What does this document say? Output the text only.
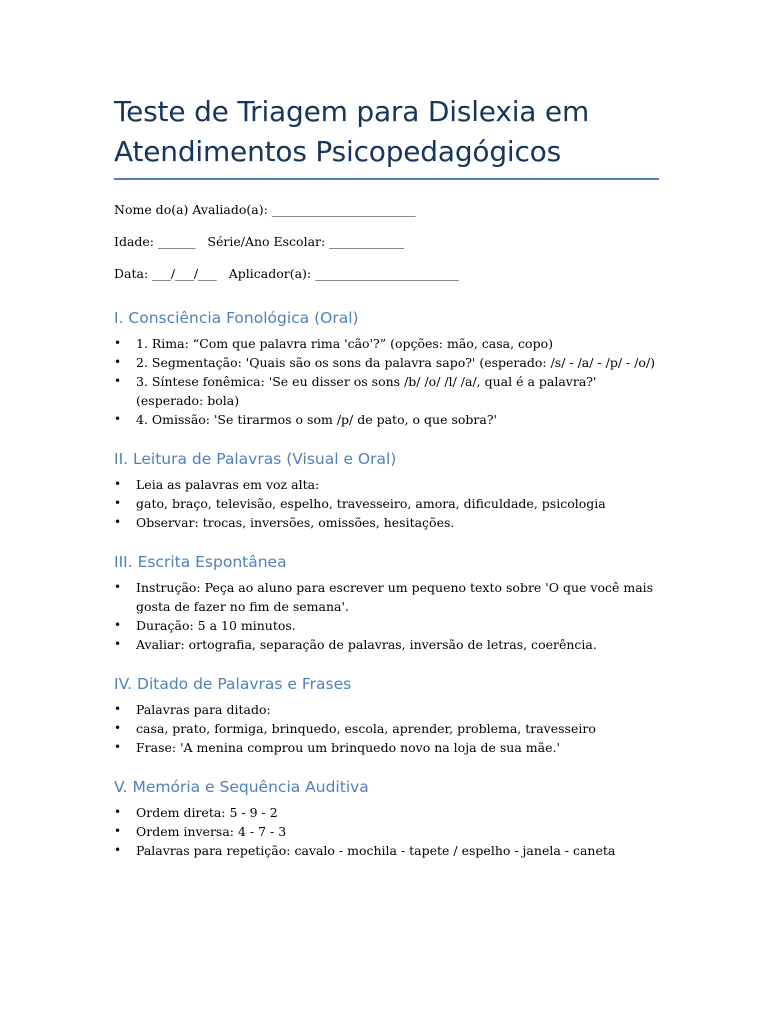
Teste de Triagem para Dislexia em
Atendimentos Psicopedagógicos

Nome do(a) Avaliado(a): _______________________

Idade: ______   Série/Ano Escolar: ____________

Data: ___/___/___   Aplicador(a): _______________________

I. Consciência Fonológica (Oral)
• 1. Rima: “Com que palavra rima 'cão'?” (opções: mão, casa, copo)
• 2. Segmentação: 'Quais são os sons da palavra sapo?' (esperado: /s/ - /a/ - /p/ - /o/)
• 3. Síntese fonêmica: 'Se eu disser os sons /b/ /o/ /l/ /a/, qual é a palavra?' (esperado: bola)
• 4. Omissão: 'Se tirarmos o som /p/ de pato, o que sobra?'
II. Leitura de Palavras (Visual e Oral)
• Leia as palavras em voz alta:
• gato, braço, televisão, espelho, travesseiro, amora, dificuldade, psicologia
• Observar: trocas, inversões, omissões, hesitações.
III. Escrita Espontânea
• Instrução: Peça ao aluno para escrever um pequeno texto sobre 'O que você mais gosta de fazer no fim de semana'.
• Duração: 5 a 10 minutos.
• Avaliar: ortografia, separação de palavras, inversão de letras, coerência.
IV. Ditado de Palavras e Frases
• Palavras para ditado:
• casa, prato, formiga, brinquedo, escola, aprender, problema, travesseiro
• Frase: 'A menina comprou um brinquedo novo na loja de sua mãe.'
V. Memória e Sequência Auditiva
• Ordem direta: 5 - 9 - 2
• Ordem inversa: 4 - 7 - 3
• Palavras para repetição: cavalo - mochila - tapete / espelho - janela - caneta
